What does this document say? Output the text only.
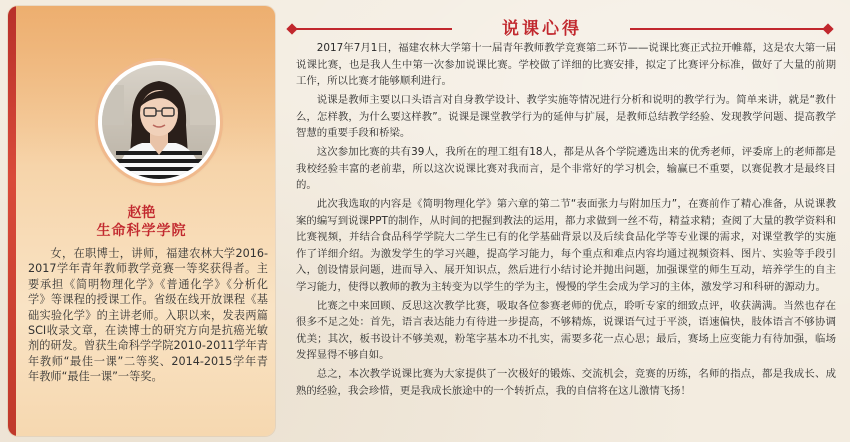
赵艳
生命科学学院
女，在职博士，讲师，福建农林大学2016-2017学年青年教师教学竞赛一等奖获得者。主要承担《简明物理化学》《普通化学》《分析化学》等课程的授课工作。省级在线开放课程《基础实验化学》的主讲老师。入职以来，发表两篇SCI收录文章，在读博士的研究方向是抗癌光敏剂的研发。曾获生命科学学院2010-2011学年青年教师“最佳一课”二等奖、2014-2015学年青年教师“最佳一课”一等奖。
说课心得

2017年7月1日，福建农林大学第十一届青年教师教学竞赛第二环节——说课比赛正式拉开帷幕，这是农大第一届说课比赛，也是我人生中第一次参加说课比赛。学校做了详细的比赛安排，拟定了比赛评分标准，做好了大量的前期工作，所以比赛才能够顺利进行。

说课是教师主要以口头语言对自身教学设计、教学实施等情况进行分析和说明的教学行为。简单来讲，就是“教什么，怎样教，为什么要这样教”。说课是课堂教学行为的延伸与扩展，是教师总结教学经验、发现教学问题、提高教学智慧的重要手段和桥梁。

这次参加比赛的共有39人，我所在的理工组有18人，都是从各个学院遴选出来的优秀老师，评委席上的老师都是我校经验丰富的老前辈，所以这次说课比赛对我而言，是个非常好的学习机会，输赢已不重要，以赛促教才是最终目的。

此次我选取的内容是《简明物理化学》第六章的第二节“表面张力与附加压力”，在赛前作了精心准备，从说课教案的编写到说课PPT的制作，从时间的把握到教法的运用，都力求做到一丝不苟，精益求精；查阅了大量的教学资料和比赛视频，并结合食品科学学院大二学生已有的化学基础背景以及后续食品化学等专业课的需求，对课堂教学的实施作了详细介绍。为激发学生的学习兴趣，提高学习能力，每个重点和难点内容均通过视频资料、图片、实验等手段引入，创设情景问题，进而导入、展开知识点，然后进行小结讨论并抛出问题，加强课堂的师生互动，培养学生的自主学习能力，使得以教师的教为主转变为以学生的学为主，慢慢的学生会成为学习的主体，激发学习和科研的源动力。

比赛之中来回顾、反思这次教学比赛，吸取各位参赛老师的优点，聆听专家的细致点评，收获满满。当然也存在很多不足之处：首先，语言表达能力有待进一步提高，不够精炼，说课语气过于平淡，语速偏快，肢体语言不够协调优美；其次，板书设计不够美观，粉笔字基本功不扎实，需要多花一点心思；最后，赛场上应变能力有待加强，临场发挥显得不够自如。

总之，本次教学说课比赛为大家提供了一次极好的锻炼、交流机会，竞赛的历练，名师的指点，都是我成长、成熟的经验，我会珍惜，更是我成长旅途中的一个转折点，我的自信将在这儿激情飞扬！
